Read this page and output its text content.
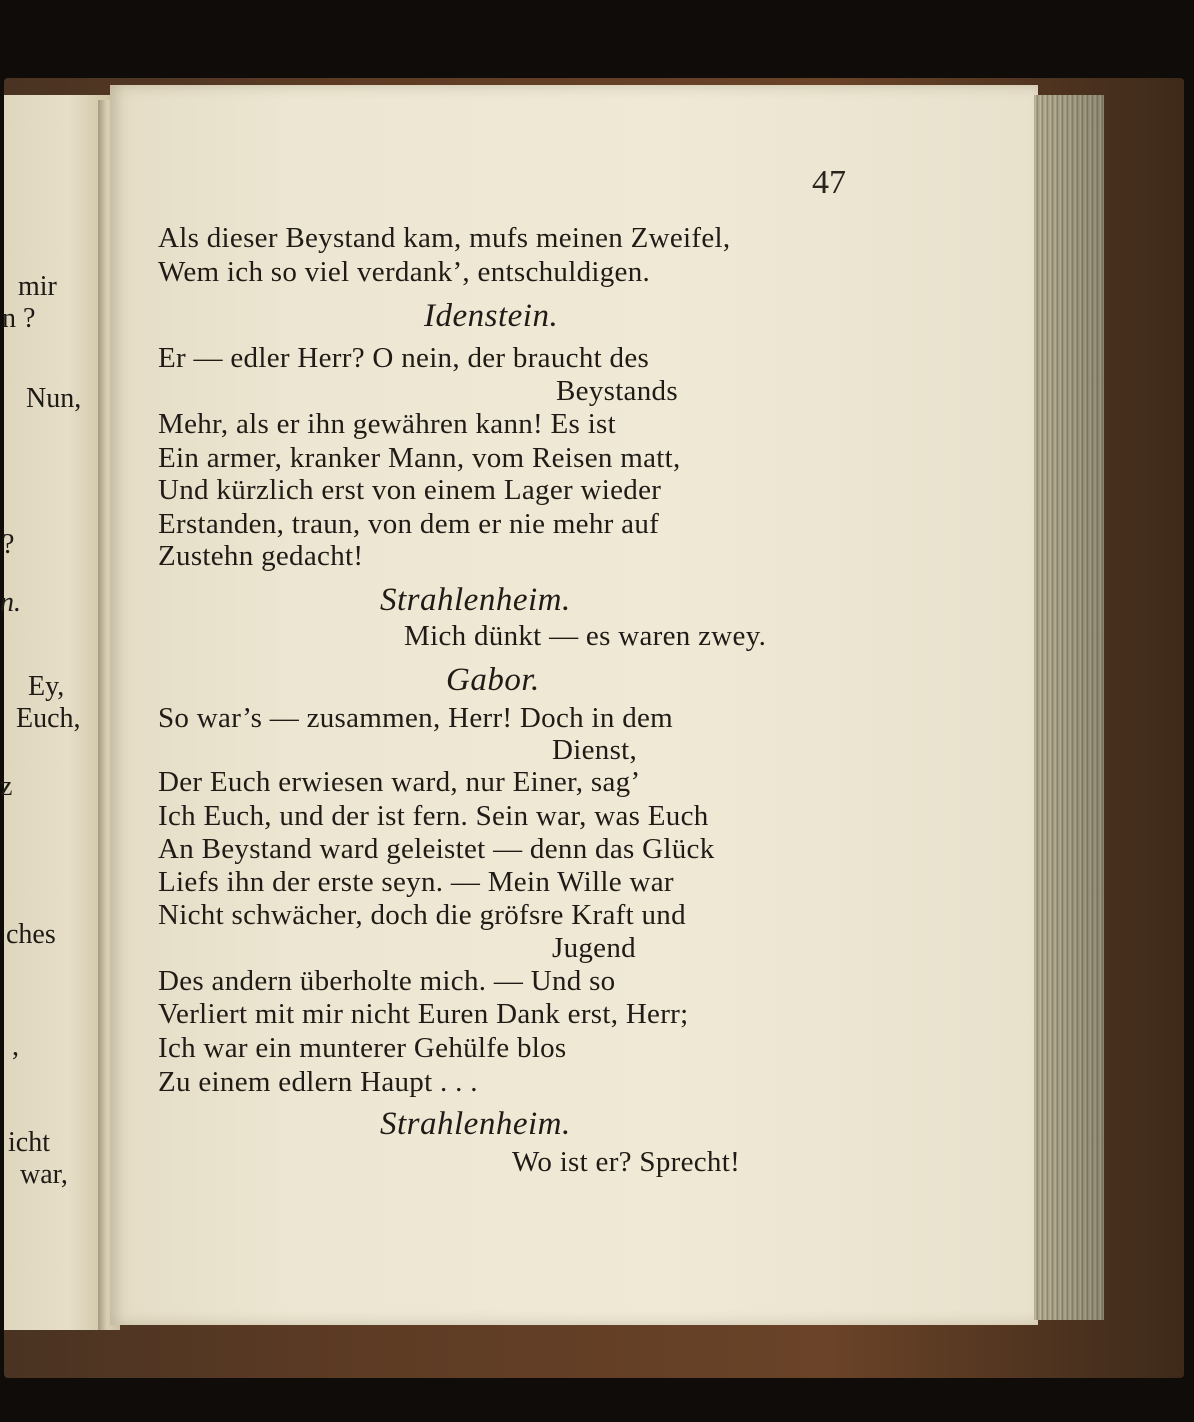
mir
n ?
Nun,
?
n.
Ey,
Euch,
z
ches
,
icht
war,
47
Als dieser Beystand kam, mufs meinen Zweifel,
Wem ich so viel verdank’, entschuldigen.
Idenstein.
Er — edler Herr? O nein, der braucht des
Beystands
Mehr, als er ihn gewähren kann! Es ist
Ein armer, kranker Mann, vom Reisen matt,
Und kürzlich erst von einem Lager wieder
Erstanden, traun, von dem er nie mehr auf
Zustehn gedacht!
Strahlenheim.
Mich dünkt — es waren zwey.
Gabor.
So war’s — zusammen, Herr! Doch in dem
Dienst,
Der Euch erwiesen ward, nur Einer, sag’
Ich Euch, und der ist fern. Sein war, was Euch
An Beystand ward geleistet — denn das Glück
Liefs ihn der erste seyn. — Mein Wille war
Nicht schwächer, doch die gröfsre Kraft und
Jugend
Des andern überholte mich. — Und so
Verliert mit mir nicht Euren Dank erst, Herr;
Ich war ein munterer Gehülfe blos
Zu einem edlern Haupt . . .
Strahlenheim.
Wo ist er? Sprecht!
